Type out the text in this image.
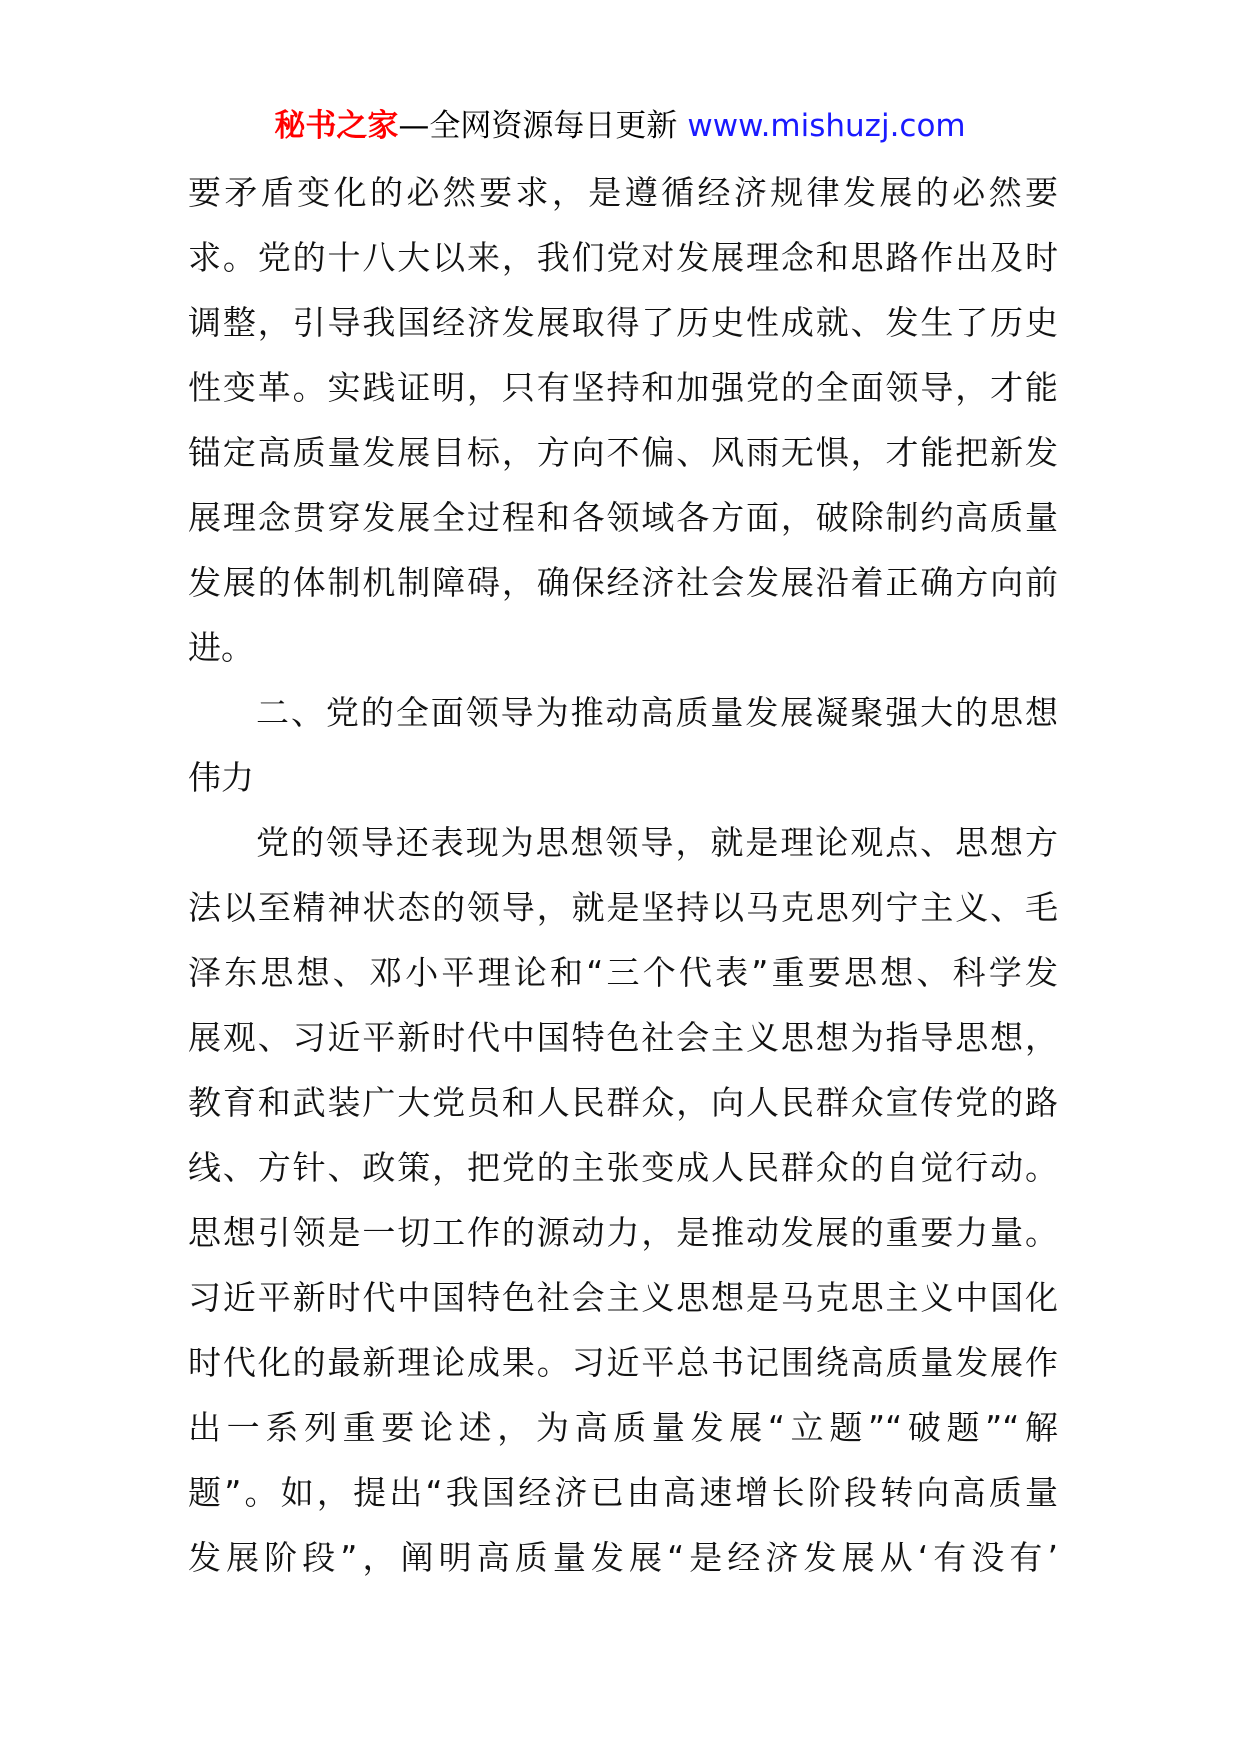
秘书之家—全网资源每日更新 www.mishuzj.com
要矛盾变化的必然要求，是遵循经济规律发展的必然要
求。党的十八大以来，我们党对发展理念和思路作出及时
调整，引导我国经济发展取得了历史性成就、发生了历史
性变革。实践证明，只有坚持和加强党的全面领导，才能
锚定高质量发展目标，方向不偏、风雨无惧，才能把新发
展理念贯穿发展全过程和各领域各方面，破除制约高质量
发展的体制机制障碍，确保经济社会发展沿着正确方向前
进。
二、党的全面领导为推动高质量发展凝聚强大的思想
伟力
党的领导还表现为思想领导，就是理论观点、思想方
法以至精神状态的领导，就是坚持以马克思列宁主义、毛
泽东思想、邓小平理论和“三个代表”重要思想、科学发
展观、习近平新时代中国特色社会主义思想为指导思想，
教育和武装广大党员和人民群众，向人民群众宣传党的路
线、方针、政策，把党的主张变成人民群众的自觉行动。
思想引领是一切工作的源动力，是推动发展的重要力量。
习近平新时代中国特色社会主义思想是马克思主义中国化
时代化的最新理论成果。习近平总书记围绕高质量发展作
出一系列重要论述，为高质量发展“立题”“破题”“解
题”。如，提出“我国经济已由高速增长阶段转向高质量
发展阶段”，阐明高质量发展“是经济发展从‘有没有’
